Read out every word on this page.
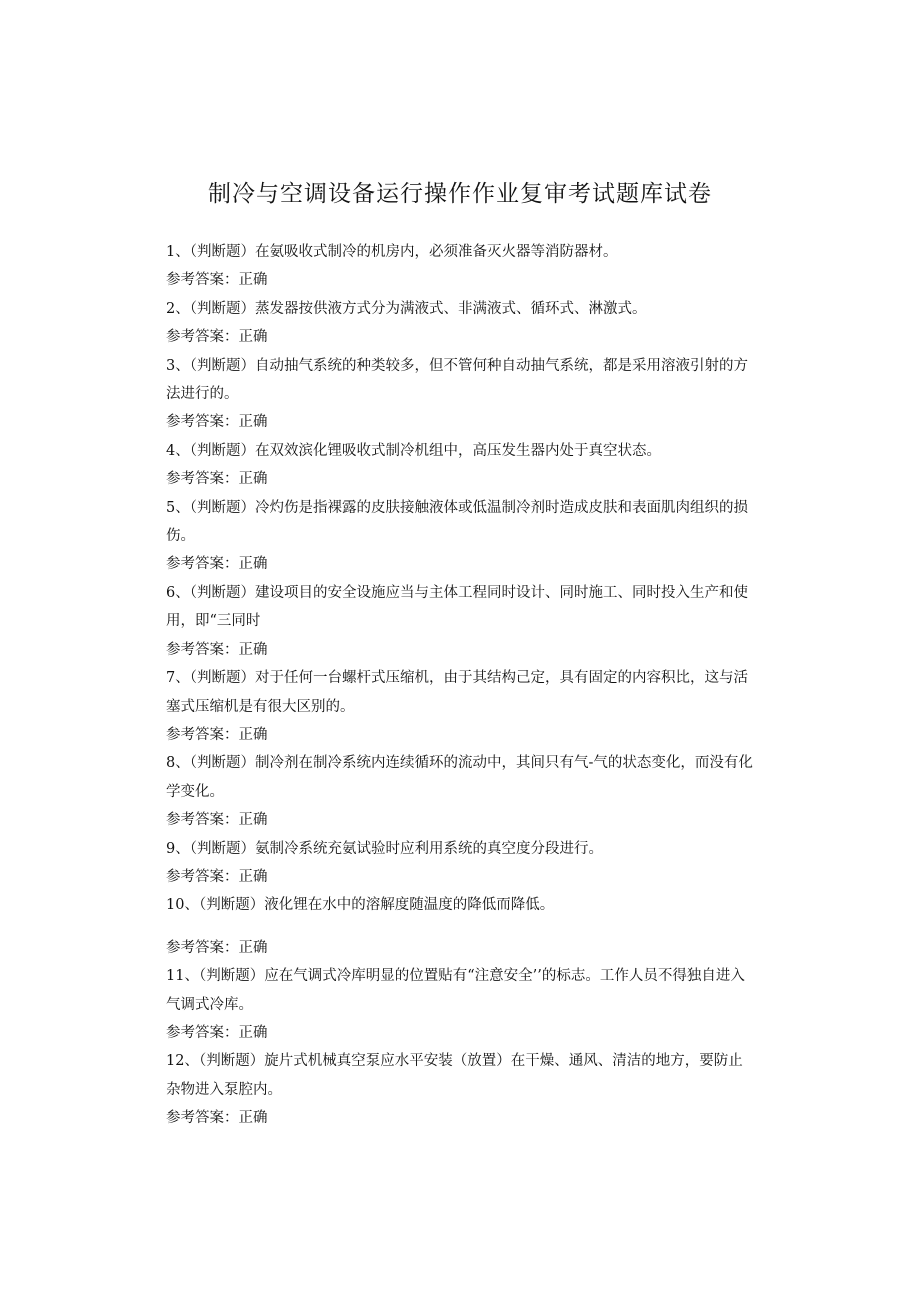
制冷与空调设备运行操作作业复审考试题库试卷

1、（判断题）在氨吸收式制冷的机房内，必须准备灭火器等消防器材。

参考答案：正确

2、（判断题）蒸发器按供液方式分为满液式、非满液式、循环式、淋激式。

参考答案：正确

3、（判断题）自动抽气系统的种类较多，但不管何种自动抽气系统，都是采用溶液引射的方法进行的。

参考答案：正确

4、（判断题）在双效滨化锂吸收式制冷机组中，高压发生器内处于真空状态。

参考答案：正确

5、（判断题）冷灼伤是指裸露的皮肤接触液体或低温制冷剂时造成皮肤和表面肌肉组织的损伤。

参考答案：正确

6、（判断题）建设项目的安全设施应当与主体工程同时设计、同时施工、同时投入生产和使用，即“三同时

参考答案：正确

7、（判断题）对于任何一台螺杆式压缩机，由于其结构己定，具有固定的内容积比，这与活塞式压缩机是有很大区别的。

参考答案：正确

8、（判断题）制冷剂在制冷系统内连续循环的流动中，其间只有气-气的状态变化，而没有化学变化。

参考答案：正确

9、（判断题）氨制冷系统充氨试验时应利用系统的真空度分段进行。

参考答案：正确

10、（判断题）液化锂在水中的溶解度随温度的降低而降低。

参考答案：正确

11、（判断题）应在气调式冷库明显的位置贴有“注意安全’’的标志。工作人员不得独自进入气调式冷库。

参考答案：正确

12、（判断题）旋片式机械真空泵应水平安装（放置）在干燥、通风、清洁的地方，要防止杂物进入泵腔内。

参考答案：正确
